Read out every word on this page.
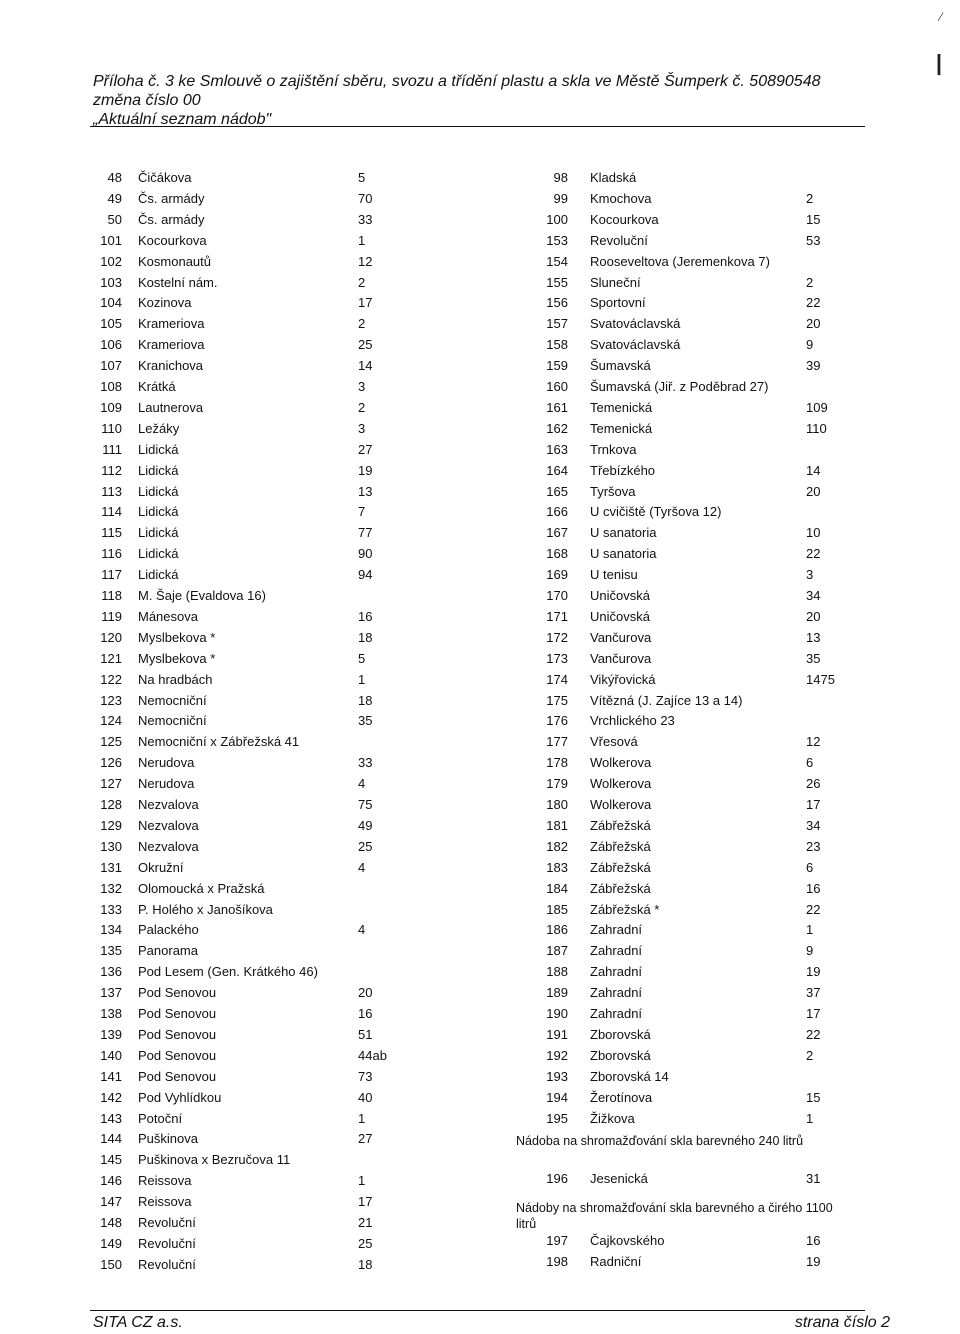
⁄
|
Příloha č. 3 ke Smlouvě o zajištění sběru, svozu a třídění plastu a skla ve Městě Šumperk č. 50890548
změna číslo 00
„Aktuální seznam nádob"
48 Čičákova	5
49 Čs. armády	70
50 Čs. armády	33
101 Kocourkova	1
102 Kosmonautů	12
103 Kostelní nám.	2
104 Kozinova	17
105 Krameriova	2
106 Krameriova	25
107 Kranichova	14
108 Krátká	3
109 Lautnerova	2
110 Ležáky	3
111 Lidická	27
112 Lidická	19
113 Lidická	13
114 Lidická	7
115 Lidická	77
116 Lidická	90
117 Lidická	94
118 M. Šaje (Evaldova 16)
119 Mánesova	16
120 Myslbekova *	18
121 Myslbekova *	5
122 Na hradbách	1
123 Nemocniční	18
124 Nemocniční	35
125 Nemocniční x Zábřežská 41
126 Nerudova	33
127 Nerudova	4
128 Nezvalova	75
129 Nezvalova	49
130 Nezvalova	25
131 Okružní	4
132 Olomoucká x Pražská
133 P. Holého x Janošíkova
134 Palackého	4
135 Panorama
136 Pod Lesem (Gen. Krátkého 46)
137 Pod Senovou	20
138 Pod Senovou	16
139 Pod Senovou	51
140 Pod Senovou	44ab
141 Pod Senovou	73
142 Pod Vyhlídkou	40
143 Potoční	1
144 Puškinova	27
145 Puškinova x Bezručova 11
146 Reissova	1
147 Reissova	17
148 Revoluční	21
149 Revoluční	25
150 Revoluční	18
98 Kladská
99 Kmochova	2
100 Kocourkova	15
153 Revoluční	53
154 Rooseveltova (Jeremenkova 7)
155 Sluneční	2
156 Sportovní	22
157 Svatováclavská	20
158 Svatováclavská	9
159 Šumavská	39
160 Šumavská (Jiř. z Poděbrad 27)
161 Temenická	109
162 Temenická	110
163 Trnkova
164 Třebízkého	14
165 Tyršova	20
166 U cvičiště (Tyršova 12)
167 U sanatoria	10
168 U sanatoria	22
169 U tenisu	3
170 Uničovská	34
171 Uničovská	20
172 Vančurova	13
173 Vančurova	35
174 Vikýřovická	1475
175 Vítězná (J. Zajíce 13 a 14)
176 Vrchlického 23
177 Vřesová	12
178 Wolkerova	6
179 Wolkerova	26
180 Wolkerova	17
181 Zábřežská	34
182 Zábřežská	23
183 Zábřežská	6
184 Zábřežská	16
185 Zábřežská *	22
186 Zahradní	1
187 Zahradní	9
188 Zahradní	19
189 Zahradní	37
190 Zahradní	17
191 Zborovská	22
192 Zborovská	2
193 Zborovská 14
194 Žerotínova	15
195 Žižkova	1
Nádoba na shromažďování skla barevného 240 litrů
196 Jesenická	31
Nádoby na shromažďování skla barevného a čirého 1100
litrů
197 Čajkovského	16
198 Radniční	19
SITA CZ a.s.	strana číslo 2
